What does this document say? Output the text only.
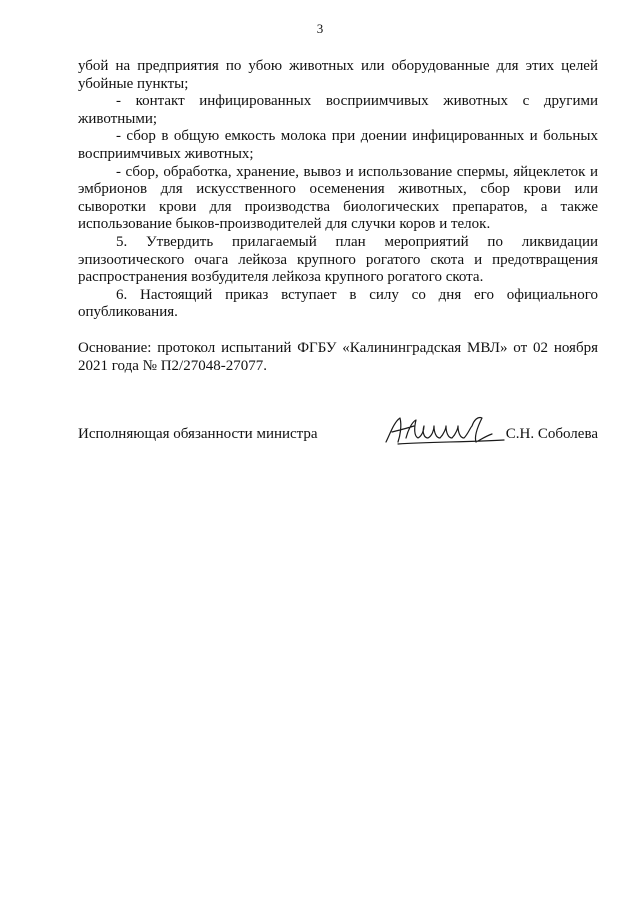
3

убой на предприятия по убою животных или оборудованные для этих целей убойные пункты;

- контакт инфицированных восприимчивых животных с другими животными;

- сбор в общую емкость молока при доении инфицированных и больных восприимчивых животных;

- сбор, обработка, хранение, вывоз и использование спермы, яйцеклеток и эмбрионов для искусственного осеменения животных, сбор крови или сыворотки крови для производства биологических препаратов, а также использование быков-производителей для случки коров и телок.

5. Утвердить прилагаемый план мероприятий по ликвидации эпизоотического очага лейкоза крупного рогатого скота и предотвращения распространения возбудителя лейкоза крупного рогатого скота.

6. Настоящий приказ вступает в силу со дня его официального опубликования.

Основание: протокол испытаний ФГБУ «Калининградская МВЛ» от 02 ноября 2021 года № П2/27048-27077.

Исполняющая обязанности министра	С.Н. Соболева
